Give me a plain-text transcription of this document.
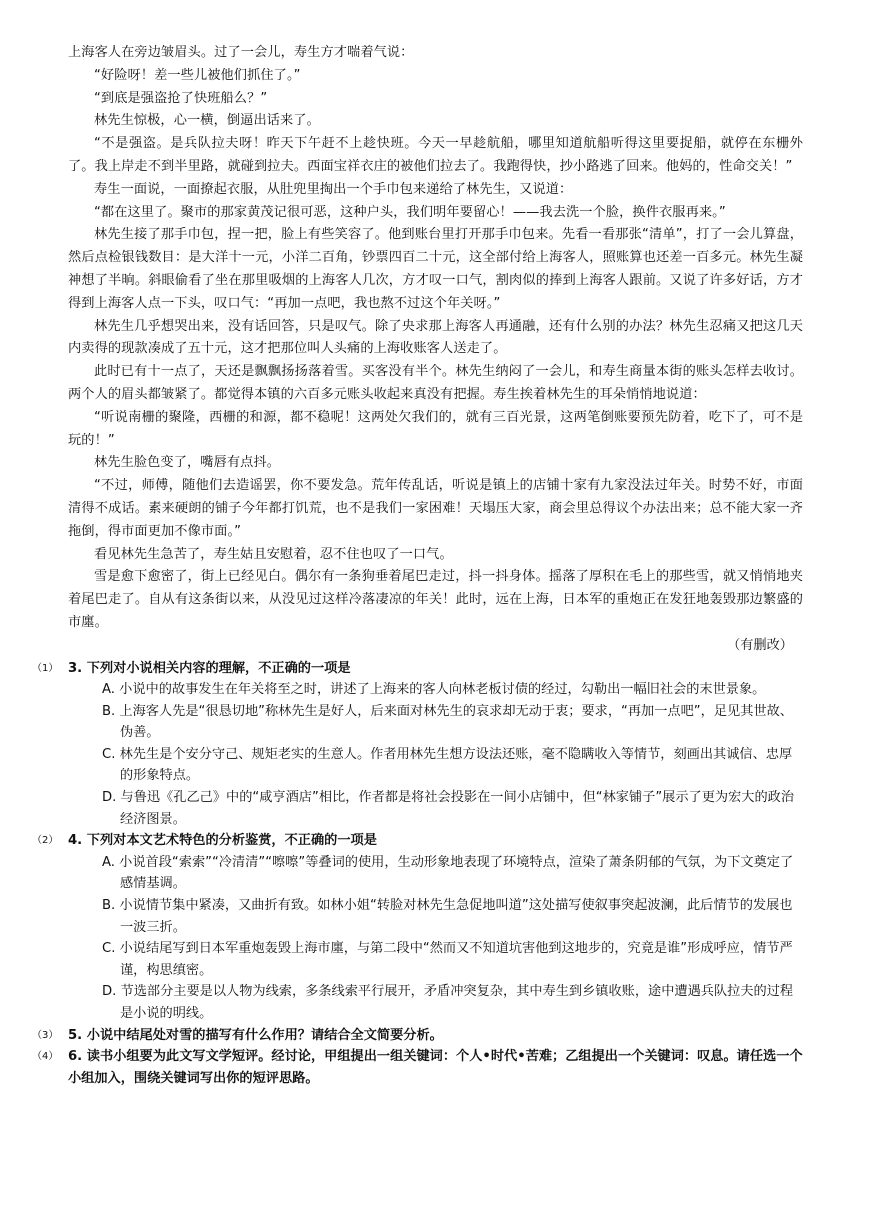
上海客人在旁边皱眉头。过了一会儿，寿生方才喘着气说：

“好险呀！差一些儿被他们抓住了。”

“到底是强盗抢了快班船么？”

林先生惊极，心一横，倒逼出话来了。

“不是强盗。是兵队拉夫呀！昨天下午赶不上趁快班。今天一早趁航船，哪里知道航船听得这里要捉船，就停在东栅外了。我上岸走不到半里路，就碰到拉夫。西面宝祥衣庄的被他们拉去了。我跑得快，抄小路逃了回来。他妈的，性命交关！”

寿生一面说，一面撩起衣服，从肚兜里掏出一个手巾包来递给了林先生，又说道：

“都在这里了。聚市的那家黄茂记很可恶，这种户头，我们明年要留心！——我去洗一个脸，换件衣服再来。”

林先生接了那手巾包，捏一把，脸上有些笑容了。他到账台里打开那手巾包来。先看一看那张“清单”，打了一会儿算盘，然后点检银钱数目：是大洋十一元，小洋二百角，钞票四百二十元，这全部付给上海客人，照账算也还差一百多元。林先生凝神想了半晌。斜眼偷看了坐在那里吸烟的上海客人几次，方才叹一口气，割肉似的捧到上海客人跟前。又说了许多好话，方才得到上海客人点一下头，叹口气：“再加一点吧，我也熬不过这个年关呀。”

林先生几乎想哭出来，没有话回答，只是叹气。除了央求那上海客人再通融，还有什么别的办法？林先生忍痛又把这几天内卖得的现款凑成了五十元，这才把那位叫人头痛的上海收账客人送走了。

此时已有十一点了，天还是飘飘扬扬落着雪。买客没有半个。林先生纳闷了一会儿，和寿生商量本街的账头怎样去收讨。两个人的眉头都皱紧了。都觉得本镇的六百多元账头收起来真没有把握。寿生挨着林先生的耳朵悄悄地说道：

“听说南栅的聚隆，西栅的和源，都不稳呢！这两处欠我们的，就有三百光景，这两笔倒账要预先防着，吃下了，可不是玩的！”

林先生脸色变了，嘴唇有点抖。

“不过，师傅，随他们去造谣罢，你不要发急。荒年传乱话，听说是镇上的店铺十家有九家没法过年关。时势不好，市面清得不成话。素来硬朗的铺子今年都打饥荒，也不是我们一家困难！天塌压大家，商会里总得议个办法出来；总不能大家一齐拖倒，得市面更加不像市面。”

看见林先生急苦了，寿生姑且安慰着，忍不住也叹了一口气。

雪是愈下愈密了，街上已经见白。偶尔有一条狗垂着尾巴走过，抖一抖身体。摇落了厚积在毛上的那些雪，就又悄悄地夹着尾巴走了。自从有这条街以来，从没见过这样冷落凄凉的年关！此时，远在上海，日本军的重炮正在发狂地轰毁那边繁盛的市廛。

（有删改）

（1） 3. 下列对小说相关内容的理解，不正确的一项是

A. 小说中的故事发生在年关将至之时，讲述了上海来的客人向林老板讨债的经过，勾勒出一幅旧社会的末世景象。

B. 上海客人先是“很恳切地”称林先生是好人，后来面对林先生的哀求却无动于衷；要求，“再加一点吧”，足见其世故、伪善。

C. 林先生是个安分守己、规矩老实的生意人。作者用林先生想方设法还账，毫不隐瞒收入等情节，刻画出其诚信、忠厚的形象特点。

D. 与鲁迅《孔乙己》中的“咸亨酒店”相比，作者都是将社会投影在一间小店铺中，但“林家铺子”展示了更为宏大的政治经济图景。

（2） 4. 下列对本文艺术特色的分析鉴赏，不正确的一项是

A. 小说首段“索索”“冷清清”“嚓嚓”等叠词的使用，生动形象地表现了环境特点，渲染了萧条阴郁的气氛，为下文奠定了感情基调。

B. 小说情节集中紧凑，又曲折有致。如林小姐“转脸对林先生急促地叫道”这处描写使叙事突起波澜，此后情节的发展也一波三折。

C. 小说结尾写到日本军重炮轰毁上海市廛，与第二段中“然而又不知道坑害他到这地步的，究竟是谁”形成呼应，情节严谨，构思缜密。

D. 节选部分主要是以人物为线索，多条线索平行展开，矛盾冲突复杂，其中寿生到乡镇收账，途中遭遇兵队拉夫的过程是小说的明线。

（3） 5. 小说中结尾处对雪的描写有什么作用？请结合全文简要分析。

（4） 6. 读书小组要为此文写文学短评。经讨论，甲组提出一组关键词：个人•时代•苦难；乙组提出一个关键词：叹息。请任选一个小组加入，围绕关键词写出你的短评思路。
